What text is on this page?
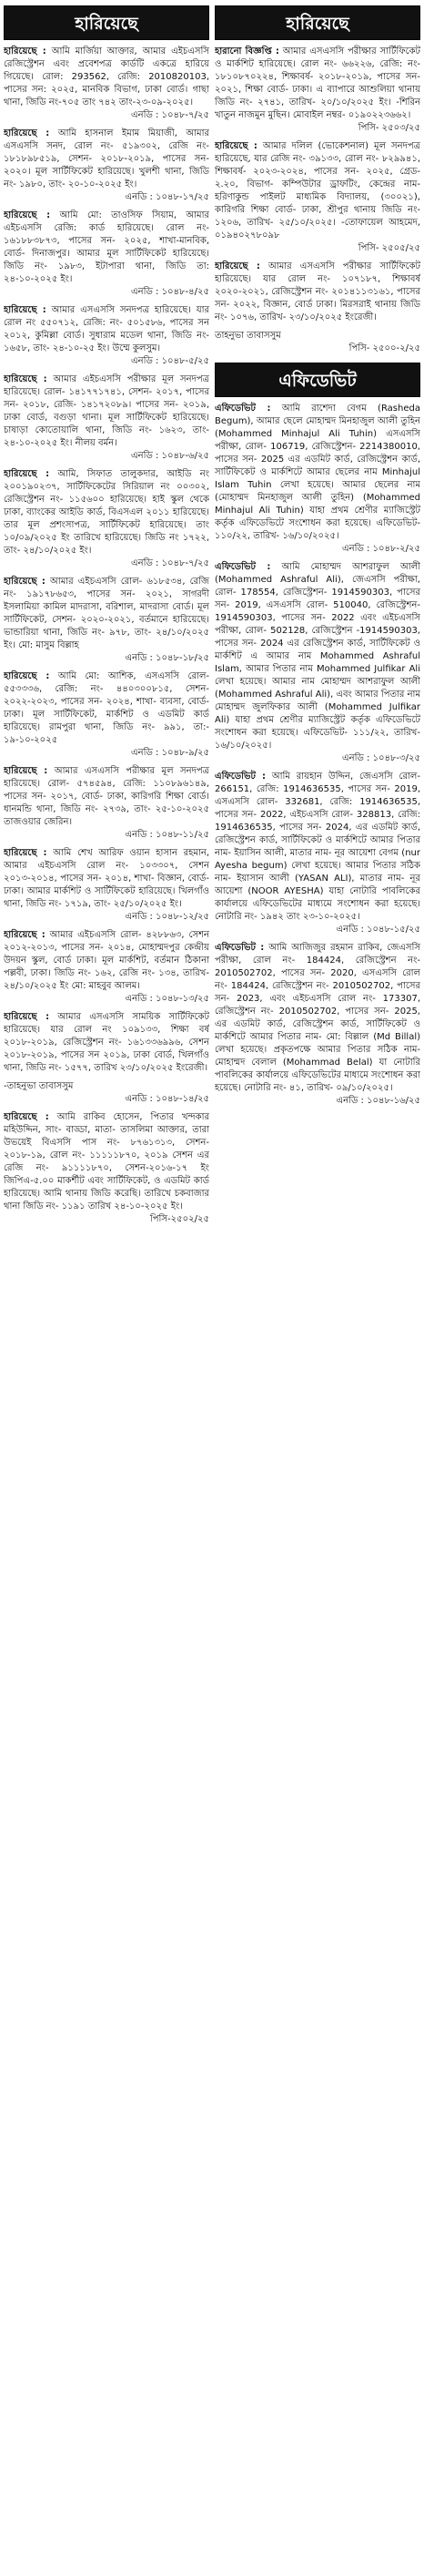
হারিয়েছে

হারিয়েছে : আমি মার্জিয়া আক্তার, আমার এইচএসসি রেজিস্ট্রেশন এবং প্রবেশপত্র কার্ডটি একত্রে হারিয়ে গিয়েছে। রোল: 293562, রেজি: 2010820103, পাসের সন: ২০২৫, মানবিক বিভাগ, ঢাকা বোর্ড। গাছা থানা, জিডি নং-৭০৫ তাং ৭৪২ তাং-২৩-০৯-২০২৫।

এনডি : ১০৪৮-৭/২৫

হারিয়েছে : আমি হাসনাল ইমাম মিয়াজী, আমার এসএসসি সনদ, রোল নং- ৫১৯৩০২, রেজি নং- ১৮১৮৯৮৫১৯, সেশন- ২০১৮-২০১৯, পাসের সন- ২০২০। মূল সার্টিফিকেট হারিয়েছে। খুলশী থানা, জিডি নং- ১৯৮০, তাং- ২০-১০-২০২৫ ইং।

এনডি : ১০৪৮-১৭/২৫

হারিয়েছে : আমি মো: তাওসিফ সিয়াম, আমার এইচএসসি রেজি: কার্ড হারিয়েছে। রোল নং- ১৬১৮৮৩৮৭৩, পাসের সন- ২০২৫, শাখা-মানবিক, বোর্ড- দিনাজপুর। আমার মূল সার্টিফিকেট হারিয়েছে। জিডি নং- ১৯৮৩, ইটাপারা থানা, জিডি তা: ২৪-১০-২০২৫ ইং।

এনডি : ১০৪৮-৪/২৫

হারিয়েছে : আমার এসএসসি সনদপত্র হারিয়েছে। যার রোল নং ৫৫০৭১২, রেজি: নং- ৫০১৫৮৬, পাসের সন ২০১২, কুমিল্লা বোর্ড। সুধারাম মডেল থানা, জিডি নং- ১৬৫৮, তাং- ২৪-১০-২৫ ইং। উম্মে কুলসুম।

এনডি : ১০৪৮-৫/২৫

হারিয়েছে : আমার এইচএসসি পরীক্ষার মূল সনদপত্র হারিয়েছে। রোল- ১৪১৭৭১৭৪১, সেশন- ২০১৭, পাসের সন- ২০১৮, রেজি- ১৪১৭২০৮৯। পাসের সন- ২০১৯, ঢাকা বোর্ড, বগুড়া থানা। মূল সার্টিফিকেট হারিয়েছে। চাষাড়া কোতোয়ালি থানা, জিডি নং- ১৬২৩, তাং- ২৪-১০-২০২৫ ইং। নীলয় বর্মন।

এনডি : ১০৪৮-৬/২৫

হারিয়েছে : আমি, সিফাত তালুকদার, আইডি নং ২০০১৯০২৩৭, সার্টিফিকেটের সিরিয়াল নং ০০৩০২, রেজিস্ট্রেশন নং- ১১৫৬০০ হারিয়েছে। হাই স্কুল থেকে ঢাকা, ব্যাংকের আইডি কার্ড, বিএসএল ২০১১ হারিয়েছে। তার মূল প্রশংসাপত্র, সার্টিফিকেট হারিয়েছে। তাং ১০/০৯/২০২৫ ইং তারিখে হারিয়েছে। জিডি নং ১৭২২, তাং- ২৪/১০/২০২৫ ইং।

এনডি : ১০৪৮-৭/২৫

হারিয়েছে : আমার এইচএসসি রোল- ৬১৮৫৩৪, রেজি নং- ১৯১৭৮৬৫৩, পাসের সন- ২০২১, সাগরদী ইসলামিয়া কামিল মাদরাসা, বরিশাল, মাদরাসা বোর্ড। মূল সার্টিফিকেট, সেশন- ২০২০-২০২১, বর্তমানে হারিয়েছে। ভান্ডারিয়া থানা, জিডি নং- ৯৭৮, তাং- ২৪/১০/২০২৫ ইং। মো: মাসুম বিল্লাহ

এনডি : ১০৪৮-১৮/২৫

হারিয়েছে : আমি মো: আশিক, এসএসসি রোল- ৫৫৩৩৩৬, রেজি: নং- ৪৪০৩০০৮১৫, সেশন- ২০২২-২০২৩, পাসের সন- ২০২৪, শাখা- ব্যবসা, বোর্ড- ঢাকা। মূল সার্টিফিকেট, মার্কশিট ও এডমিট কার্ড হারিয়েছে। রামপুরা থানা, জিডি নং- ৯৯১, তা:- ১৯-১০-২০২৫

এনডি : ১০৪৮-৯/২৫

হারিয়েছে : আমার এসএসসি পরীক্ষার মূল সনদপত্র হারিয়েছে। রোল- ৫৭৪৫৯৪, রেজি: ১১০৮৯৬১৪৯, পাসের সন- ২০১৭, বোর্ড- ঢাকা, কারিগরি শিক্ষা বোর্ড। ধানমন্ডি থানা, জিডি নং- ২৭৩৯, তাং- ২৫-১০-২০২৫ তাজওয়ার জেরিন।

এনডি : ১০৪৮-১১/২৫

হারিয়েছে : আমি শেখ আরিফ ওয়ান হাসান রহমান, আমার এইচএসসি রোল নং- ১০৩৩০৭, সেশন ২০১৩-২০১৪, পাসের সন- ২০১৪, শাখা- বিজ্ঞান, বোর্ড- ঢাকা। আমার মার্কশিট ও সার্টিফিকেট হারিয়েছে। খিলগাঁও থানা, জিডি নং- ১৭১৯, তাং- ২৫/১০/২০২৫ ইং।

এনডি : ১০৪৮-১২/২৫

হারিয়েছে : আমার এইচএসসি রোল- ৪২৮৮৬৩, সেশন ২০১২-২০১৩, পাসের সন- ২০১৪, মোহাম্মদপুর কেন্দ্রীয় উদয়ন স্কুল, বোর্ড ঢাকা। মূল মার্কশিট, বর্তমান ঠিকানা পল্লবী, ঢাকা। জিডি নং- ১৬২, রেজি নং- ১৩৪, তারিখ- ২৪/১০/২০২৫ ইং মো: মাহবুব আলম।

এনডি : ১০৪৮-১৩/২৫

হারিয়েছে : আমার এসএসসি সাময়িক সার্টিফিকেট হারিয়েছে। যার রোল নং ১০৯১৩৩, শিক্ষা বর্ষ ২০১৮-২০১৯, রেজিস্ট্রেশন নং- ১৬১৩৩৬৯৯৬, সেশন ২০১৮-২০১৯, পাসের সন ২০১৯, ঢাকা বোর্ড, খিলগাঁও থানা, জিডি নং- ১৫৭৭, তারিখ ২৩/১০/২০২৫ ইংরেজী।

-তাহনুভা তাবাসসুম

এনডি : ১০৪৮-১৪/২৫

হারিয়েছে : আমি রাকিব হোসেন, পিতার খন্দকার মহিউদ্দিন, সাং- বাড্ডা, মাতা- তাসলিমা আক্তার, তারা উভয়েই বিএসসি পাস নং- ৮৭৬১৩১৩, সেশন- ২০১৮-১৯, রোল নং- ১১১১১৮৭০, ২০১৯ সেশন এর রেজি নং- ৯১১১১৮৭০, সেশন-২০১৬-১৭ ইং জিপিএ-৫.০০ মাকর্শীট এবং সার্টিফিকেট, ও এডমিট কার্ড হারিয়েছে। আমি থানায় জিডি করেছি। তারিখে চকবাজার থানা জিডি নং- ১১৯১ তারিখ ২৪-১০-২০২৫ ইং।

পিসি-২৫০২/২৫

হারিয়েছে

হারানো বিজ্ঞপ্তি : আমার এসএসসি পরীক্ষার সার্টিফিকেট ও মার্কশিট হারিয়েছে। রোল নং- ৬৬২২৬, রেজি: নং- ১৮১০৮৭০২২৪, শিক্ষাবর্ষ- ২০১৮-২০১৯, পাসের সন- ২০২১, শিক্ষা বোর্ড- ঢাকা। এ ব্যাপারে আশুলিয়া থানায় জিডি নং- ২৭৪১, তারিখ- ২০/১০/২০২৫ ইং। -শিরিন খাতুন নাজমুন মুছিন। মোবাইল নম্বর- ০১৯০২২৩৬৬২।

পিসি- ২৫০৩/২৫

হারিয়েছে : আমার দলিল (ভোকেশনাল) মূল সনদপত্র হারিয়েছে, যার রেজি নং- ৩৯১৩৩, রোল নং- ৮২৯৯৪১, শিক্ষাবর্ষ- ২০২৩-২০২৪, পাসের সন- ২০২৫, গ্রেড- ২.২০, বিভাগ- কম্পিউটার ড্রাফটিং, কেন্দ্রের নাম- হরিণাকুন্ড পাইলট মাধ্যমিক বিদ্যালয়, (৩০০২১), কারিগরি শিক্ষা বোর্ড- ঢাকা, শ্রীপুর থানায় জিডি নং- ১২০৬, তারিখ- ২৫/১০/২০২৫। -তোফায়েল আহমেদ, ০১৯৪০২৭৮০৯৮

পিসি- ২৫০৫/২৫

হারিয়েছে : আমার এসএসসি পরীক্ষার সার্টিফিকেট হারিয়েছে। যার রোল নং- ১০৭১৮৭, শিক্ষাবর্ষ ২০২০-২০২১, রেজিস্ট্রেশন নং- ২০১৪১১৩১৬১, পাসের সন- ২০২২, বিজ্ঞান, বোর্ড ঢাকা। মিরসরাই থানায় জিডি নং- ১০৭৬, তারিখ- ২৩/১০/২০২৫ ইংরেজী।

তাহনুভা তাবাসসুম

পিসি- ২৫০০-২/২৫

এফিডেভিট

এফিডেভিট : আমি রাশেদা বেগম (Rasheda Begum), আমার ছেলে মোহাম্মদ মিনহাজুল আলী তুহিন (Mohammed Minhajul Ali Tuhin) এসএসসি পরীক্ষা, রোল- 106719, রেজিস্ট্রেশন- 2214380010, পাসের সন- 2025 এর এডমিট কার্ড, রেজিস্ট্রেশন কার্ড, সার্টিফিকেট ও মার্কশিটে আমার ছেলের নাম Minhajul Islam Tuhin লেখা হয়েছে। আমার ছেলের নাম (মোহাম্মদ মিনহাজুল আলী তুহিন) (Mohammed Minhajul Ali Tuhin) যাহা প্রথম শ্রেণীর ম্যাজিস্ট্রেট কর্তৃক এফিডেভিটে সংশোধন করা হয়েছে। এফিডেভিট- ১১০/২২, তারিখ- ১৬/১০/২০২৫।

এনডি : ১০৪৮-২/২৫

এফিডেভিট : আমি মোহাম্মদ আশরাফুল আলী (Mohammed Ashraful Ali), জেএসসি পরীক্ষা, রোল- 178554, রেজিস্ট্রেশন- 1914590303, পাসের সন- 2019, এসএসসি রোল- 510040, রেজিস্ট্রেশন- 1914590303, পাসের সন- 2022 এবং এইচএসসি পরীক্ষা, রোল- 502128, রেজিস্ট্রেশন -1914590303, পাসের সন- 2024 এর রেজিস্ট্রেশন কার্ড, সার্টিফিকেট ও মার্কশিট এ আমার নাম Mohammed Ashraful Islam, আমার পিতার নাম Mohammed Julfikar Ali লেখা হয়েছে। আমার নাম মোহাম্মদ আশরাফুল আলী (Mohammed Ashraful Ali), এবং আমার পিতার নাম মোহাম্মদ জুলফিকার আলী (Mohammed Julfikar Ali) যাহা প্রথম শ্রেণীর ম্যাজিস্ট্রেট কর্তৃক এফিডেভিটে সংশোধন করা হয়েছে। এফিডেভিট- ১১১/২২, তারিখ- ১৬/১০/২০২৫।

এনডি : ১০৪৮-৩/২৫

এফিডেভিট : আমি রায়হান উদ্দিন, জেএসসি রোল- 266151, রেজি: 1914636535, পাসের সন- 2019, এসএসসি রোল- 332681, রেজি: 1914636535, পাসের সন- 2022, এইচএসসি রোল- 328813, রেজি: 1914636535, পাসের সন- 2024, এর এডমিট কার্ড, রেজিস্ট্রেশন কার্ড, সার্টিফিকেট ও মার্কশিটে আমার পিতার নাম- ইয়াসিন আলী, মাতার নাম- নূর আয়েশা বেগম (nur Ayesha begum) লেখা হয়েছে। আমার পিতার সঠিক নাম- ইয়াসান আলী (YASAN ALI), মাতার নাম- নূর আয়েশা (NOOR AYESHA) যাহা নোটারি পাবলিকের কার্যালয়ে এফিডেভিটের মাধ্যমে সংশোধন করা হয়েছে। নোটারি নং- ১৯৪২ তাং ২৩-১০-২০২৫।

এনডি : ১০৪৮-১৫/২৫

এফিডেভিট : আমি আজিজুর রহমান রাকিব, জেএসসি পরীক্ষা, রোল নং- 184424, রেজিস্ট্রেশন নং- 2010502702, পাসের সন- 2020, এসএসসি রোল নং- 184424, রেজিস্ট্রেশন নং- 2010502702, পাসের সন- 2023, এবং এইচএসসি রোল নং- 173307, রেজিস্ট্রেশন নং- 2010502702, পাসের সন- 2025, এর এডমিট কার্ড, রেজিস্ট্রেশন কার্ড, সার্টিফিকেট ও মার্কশিটে আমার পিতার নাম- মো: বিল্লাল (Md Billal) লেখা হয়েছে। প্রকৃতপক্ষে আমার পিতার সঠিক নাম- মোহাম্মদ বেলাল (Mohammad Belal) যা নোটারি পাবলিকের কার্যালয়ে এফিডেভিটের মাধ্যমে সংশোধন করা হয়েছে। নোটারি নং- ৪১, তারিখ- ০৯/১০/২০২৫।

এনডি : ১০৪৮-১৬/২৫
